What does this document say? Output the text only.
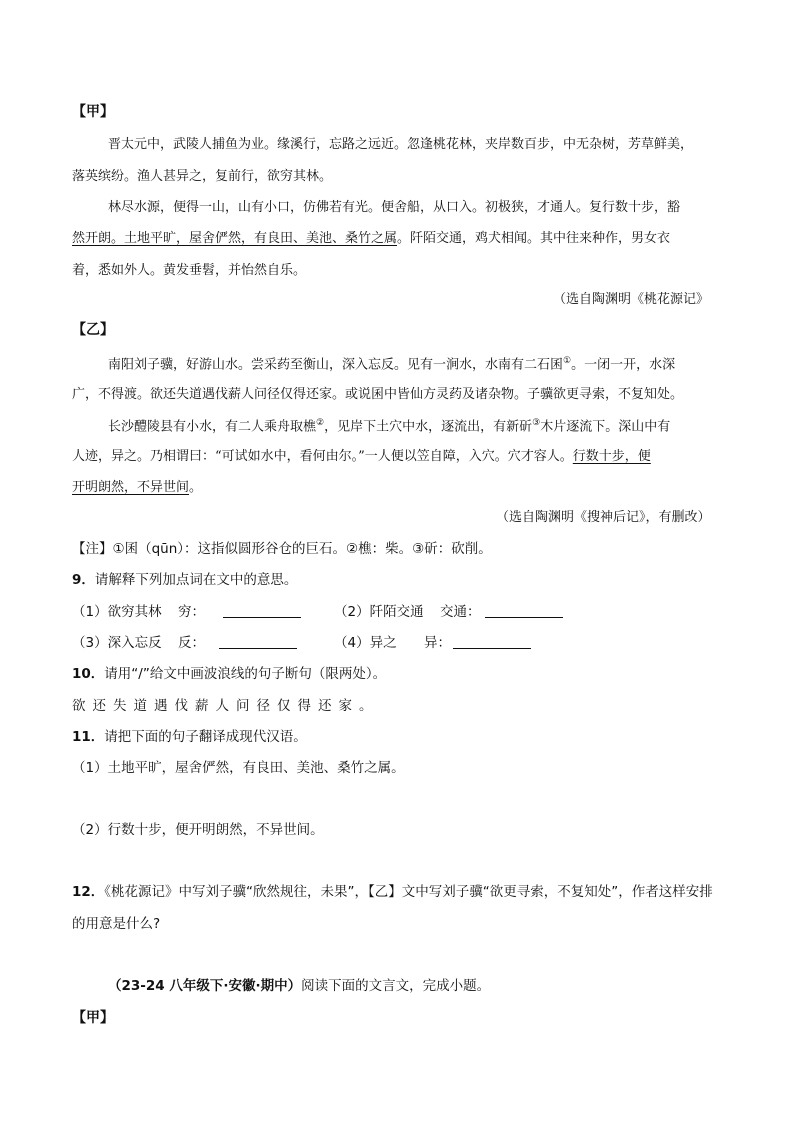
【甲】
晋太元中，武陵人捕鱼为业。缘溪行，忘路之远近。忽逢桃花林，夹岸数百步，中无杂树，芳草鲜美，
落英缤纷。渔人甚异之，复前行，欲穷其林。
林尽水源，便得一山，山有小口，仿佛若有光。便舍船，从口入。初极狭，才通人。复行数十步，豁
然开朗。土地平旷，屋舍俨然，有良田、美池、桑竹之属。阡陌交通，鸡犬相闻。其中往来种作，男女衣
着，悉如外人。黄发垂髫，并怡然自乐。
（选自陶渊明《桃花源记》
【乙】
南阳刘子骥，好游山水。尝采药至衡山，深入忘反。见有一涧水，水南有二石囷①。一闭一开，水深
广，不得渡。欲还失道遇伐薪人问径仅得还家。或说囷中皆仙方灵药及诸杂物。子骥欲更寻索，不复知处。
长沙醴陵县有小水，有二人乘舟取樵②，见岸下土穴中水，逐流出，有新斫③木片逐流下。深山中有
人迹，异之。乃相谓曰：“可试如水中，看何由尔。”一人便以笠自障，入穴。穴才容人。行数十步，便
开明朗然，不异世间。
（选自陶渊明《搜神后记》，有删改）
【注】①囷（qūn）：这指似圆形谷仓的巨石。②樵：柴。③斫：砍削。
9．请解释下列加点词在文中的意思。
（1）欲穷其林 穷：	（2）阡陌交通 交通：
（3）深入忘反 反：	（4）异之 异：
10．请用“/”给文中画波浪线的句子断句（限两处）。
欲还失道遇伐薪人问径仅得还家。
11．请把下面的句子翻译成现代汉语。
（1）土地平旷，屋舍俨然，有良田、美池、桑竹之属。
（2）行数十步，便开明朗然，不异世间。
12．《桃花源记》中写刘子骥“欣然规往，未果”，【乙】文中写刘子骥“欲更寻索，不复知处”，作者这样安排
的用意是什么?
（23-24 八年级下·安徽·期中）阅读下面的文言文，完成小题。
【甲】
